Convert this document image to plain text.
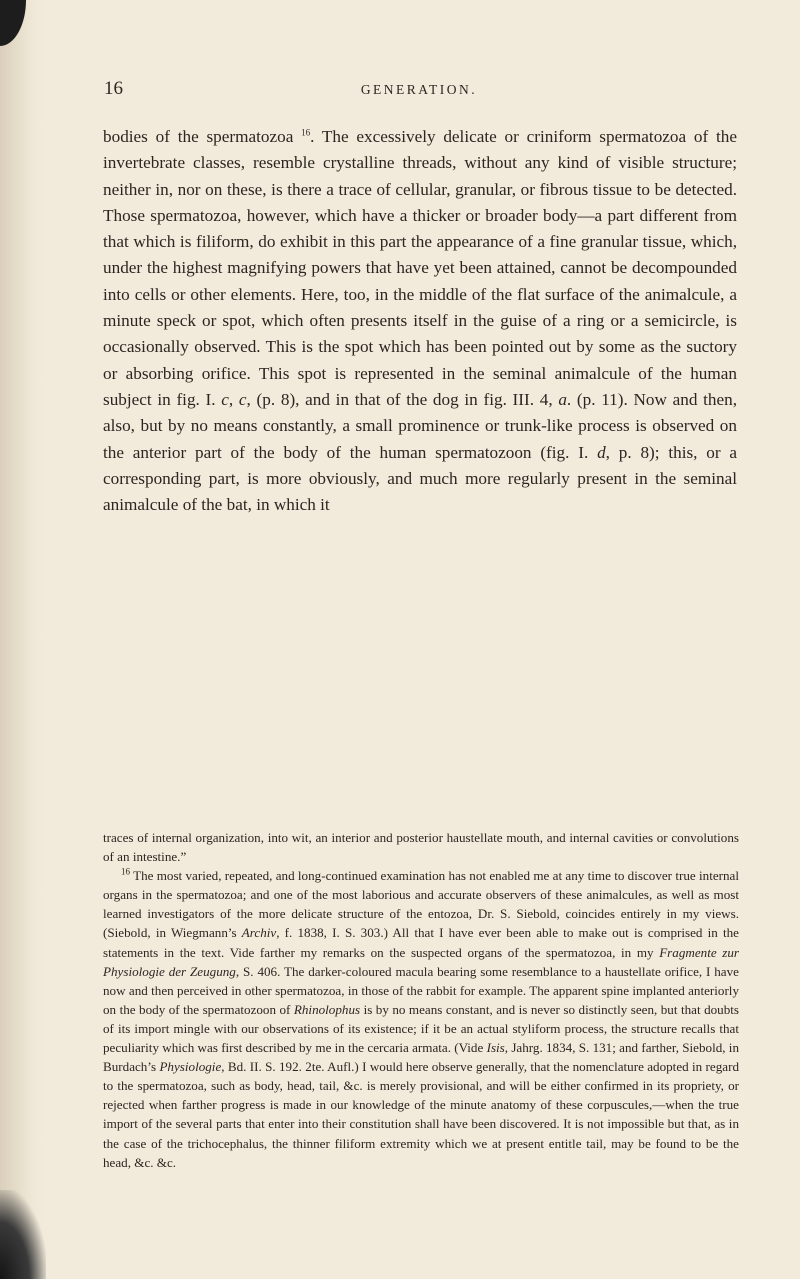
16	GENERATION.
bodies of the spermatozoa $^{16}$. The excessively delicate or criniform spermatozoa of the invertebrate classes, resemble crystalline threads, without any kind of visible structure; neither in, nor on these, is there a trace of cellular, granular, or fibrous tissue to be detected. Those spermatozoa, however, which have a thicker or broader body—a part different from that which is filiform, do exhibit in this part the appearance of a fine granular tissue, which, under the highest magnifying powers that have yet been attained, cannot be decompounded into cells or other elements. Here, too, in the middle of the flat surface of the animalcule, a minute speck or spot, which often presents itself in the guise of a ring or a semicircle, is occasionally observed. This is the spot which has been pointed out by some as the suctory or absorbing orifice. This spot is represented in the seminal animalcule of the human subject in fig. I. c, c, (p. 8), and in that of the dog in fig. III. 4, a. (p. 11). Now and then, also, but by no means constantly, a small prominence or trunk-like process is observed on the anterior part of the body of the human spermatozoon (fig. I. d, p. 8); this, or a corresponding part, is more obviously, and much more regularly present in the seminal animalcule of the bat, in which it

traces of internal organization, into wit, an interior and posterior haustellate mouth, and internal cavities or convolutions of an intestine.”

$^{16}$ The most varied, repeated, and long-continued examination has not enabled me at any time to discover true internal organs in the spermatozoa; and one of the most laborious and accurate observers of these animalcules, as well as most learned investigators of the more delicate structure of the entozoa, Dr. S. Siebold, coincides entirely in my views. (Siebold, in Wiegmann’s Archiv, f. 1838, I. S. 303.) All that I have ever been able to make out is comprised in the statements in the text. Vide farther my remarks on the suspected organs of the spermatozoa, in my Fragmente zur Physiologie der Zeugung, S. 406. The darker-coloured macula bearing some resemblance to a haustellate orifice, I have now and then perceived in other spermatozoa, in those of the rabbit for example. The apparent spine implanted anteriorly on the body of the spermatozoon of Rhinolophus is by no means constant, and is never so distinctly seen, but that doubts of its import mingle with our observations of its existence; if it be an actual styliform process, the structure recalls that peculiarity which was first described by me in the cercaria armata. (Vide Isis, Jahrg. 1834, S. 131; and farther, Siebold, in Burdach’s Physiologie, Bd. II. S. 192. 2te. Aufl.) I would here observe generally, that the nomenclature adopted in regard to the spermatozoa, such as body, head, tail, &c. is merely provisional, and will be either confirmed in its propriety, or rejected when farther progress is made in our knowledge of the minute anatomy of these corpuscules,—when the true import of the several parts that enter into their constitution shall have been discovered. It is not impossible but that, as in the case of the trichocephalus, the thinner filiform extremity which we at present entitle tail, may be found to be the head, &c. &c.
